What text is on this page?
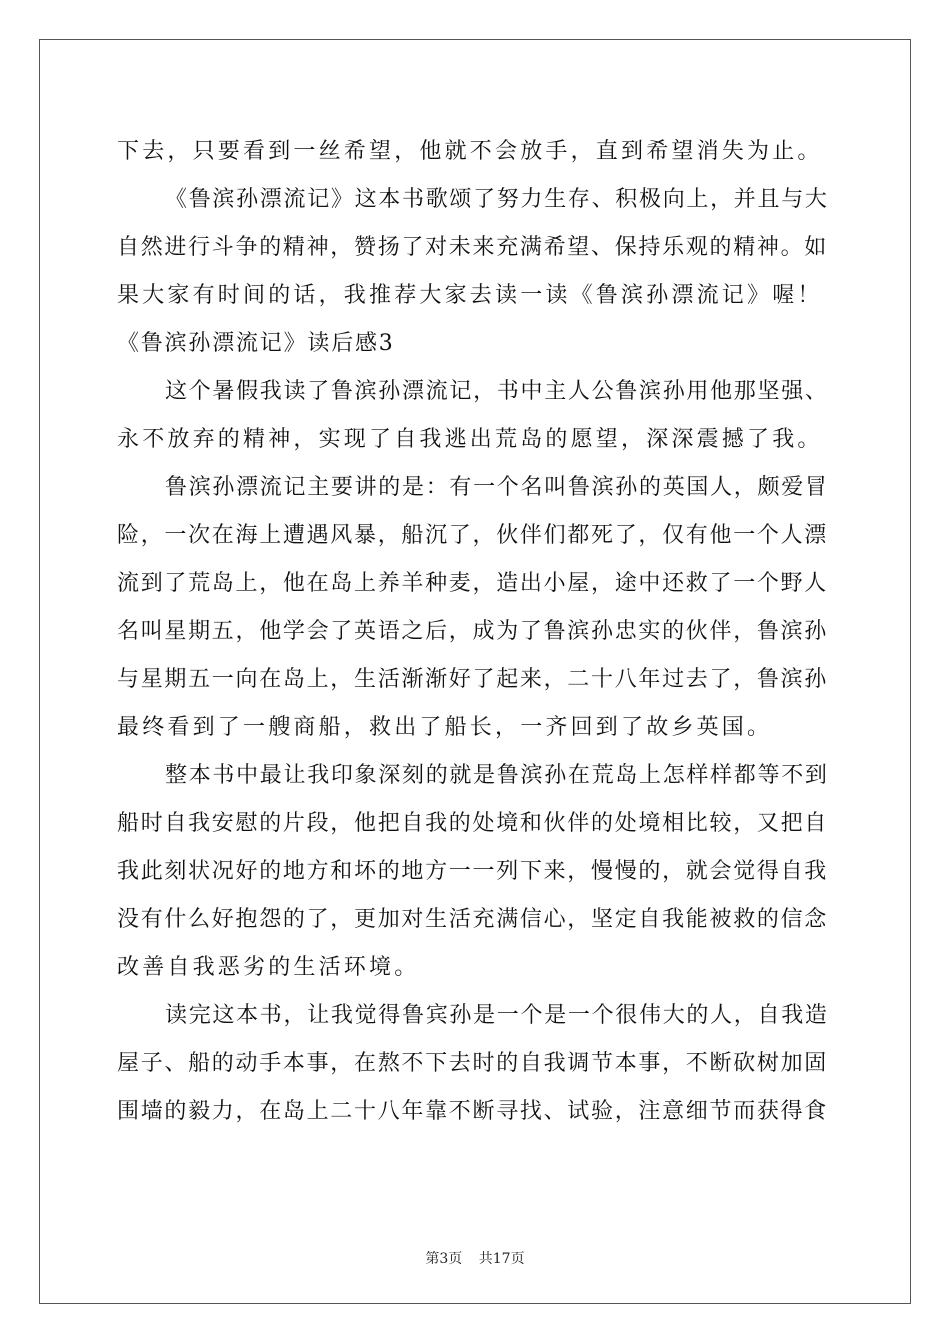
下去，只要看到一丝希望，他就不会放手，直到希望消失为止。
《鲁滨孙漂流记》这本书歌颂了努力生存、积极向上，并且与大
自然进行斗争的精神，赞扬了对未来充满希望、保持乐观的精神。如
果大家有时间的话，我推荐大家去读一读《鲁滨孙漂流记》喔！
《鲁滨孙漂流记》读后感3
这个暑假我读了鲁滨孙漂流记，书中主人公鲁滨孙用他那坚强、
永不放弃的精神，实现了自我逃出荒岛的愿望，深深震撼了我。
鲁滨孙漂流记主要讲的是：有一个名叫鲁滨孙的英国人，颇爱冒
险，一次在海上遭遇风暴，船沉了，伙伴们都死了，仅有他一个人漂
流到了荒岛上，他在岛上养羊种麦，造出小屋，途中还救了一个野人
名叫星期五，他学会了英语之后，成为了鲁滨孙忠实的伙伴，鲁滨孙
与星期五一向在岛上，生活渐渐好了起来，二十八年过去了，鲁滨孙
最终看到了一艘商船，救出了船长，一齐回到了故乡英国。
整本书中最让我印象深刻的就是鲁滨孙在荒岛上怎样样都等不到
船时自我安慰的片段，他把自我的处境和伙伴的处境相比较，又把自
我此刻状况好的地方和坏的地方一一列下来，慢慢的，就会觉得自我
没有什么好抱怨的了，更加对生活充满信心，坚定自我能被救的信念
改善自我恶劣的生活环境。
读完这本书，让我觉得鲁宾孙是一个是一个很伟大的人，自我造
屋子、船的动手本事，在熬不下去时的自我调节本事，不断砍树加固
围墙的毅力，在岛上二十八年靠不断寻找、试验，注意细节而获得食
第3页 共17页
